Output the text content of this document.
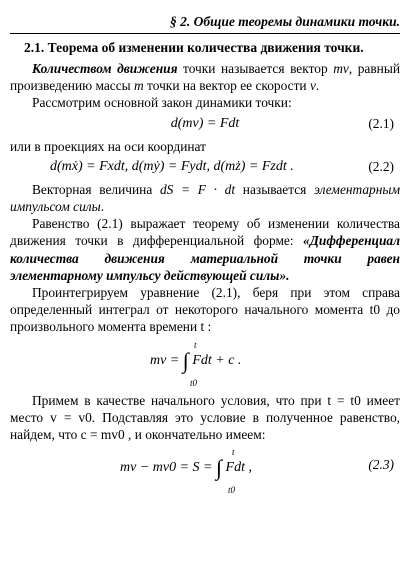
§ 2. Общие теоремы динамики точки.
2.1. Теорема об изменении количества движения точки.

Количеством движения точки называется вектор mv, равный произведению массы m точки на вектор ее скорости v.

Рассмотрим основной закон динамики точки:

d(mv) = Fdt	(2.1)

или в проекциях на оси координат

d(mẋ) = Fxdt, d(mẏ) = Fydt, d(mż) = Fzdt .	(2.2)

Векторная величина dS = F · dt называется элементарным импульсом силы.

Равенство (2.1) выражает теорему об изменении количества движения точки в дифференциальной форме: «Дифференциал количества движения материальной точки равен элементарному импульсу действующей силы».

Проинтегрируем уравнение (2.1), беря при этом справа определенный интеграл от некоторого начального момента t0 до произвольного момента времени t :

mv = ∫ Fdt + c .
t
t0

Примем в качестве начального условия, что при t = t0 имеет место v = v0. Подставляя это условие в полученное равенство, найдем, что c = mv0 , и окончательно имеем:

mv − mv0 = S = ∫ Fdt ,
t
t0
(2.3)
